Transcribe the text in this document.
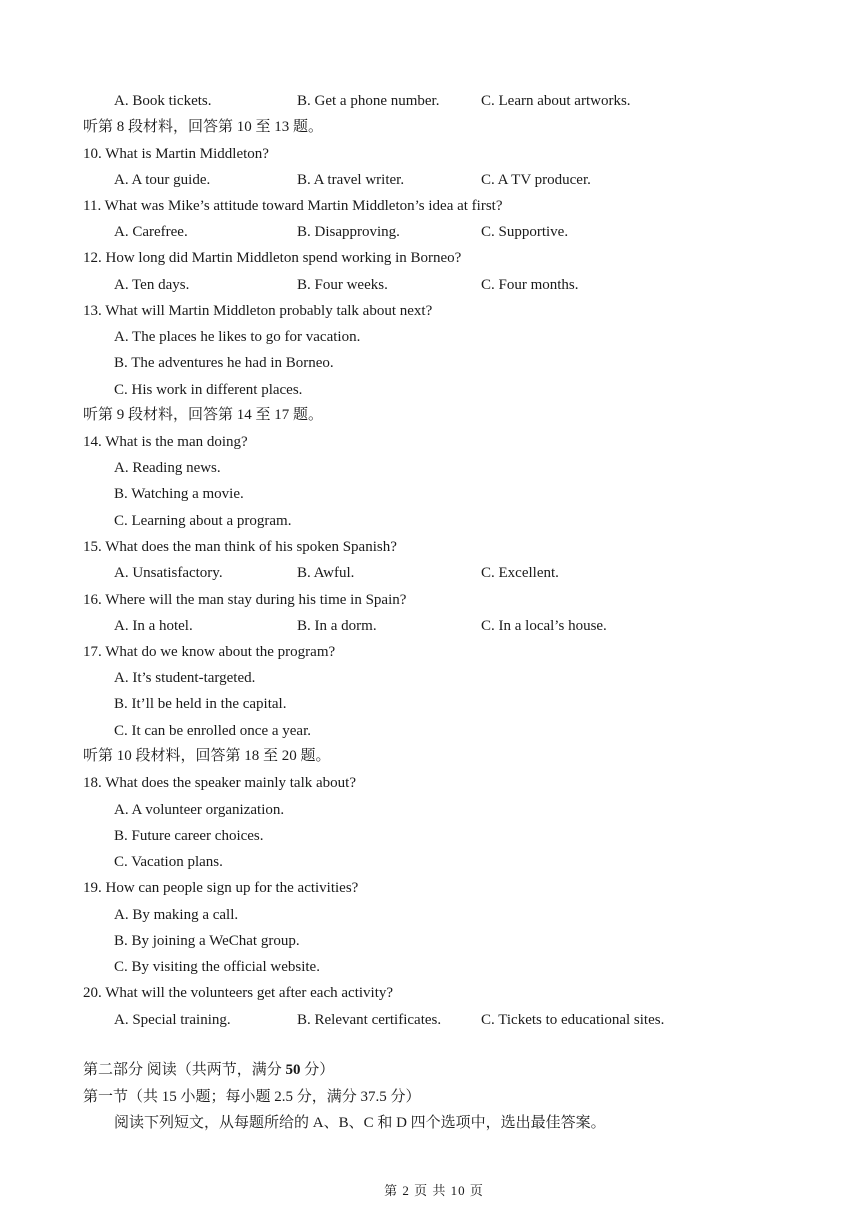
A. Book tickets.	B. Get a phone number.	C. Learn about artworks.
听第 8 段材料，回答第 10 至 13 题。
10. What is Martin Middleton?
A. A tour guide.	B. A travel writer.	C. A TV producer.
11. What was Mike’s attitude toward Martin Middleton’s idea at first?
A. Carefree.	B. Disapproving.	C. Supportive.
12. How long did Martin Middleton spend working in Borneo?
A. Ten days.	B. Four weeks.	C. Four months.
13. What will Martin Middleton probably talk about next?
A. The places he likes to go for vacation.
B. The adventures he had in Borneo.
C. His work in different places.
听第 9 段材料，回答第 14 至 17 题。
14. What is the man doing?
A. Reading news.
B. Watching a movie.
C. Learning about a program.
15. What does the man think of his spoken Spanish?
A. Unsatisfactory.	B. Awful.	C. Excellent.
16. Where will the man stay during his time in Spain?
A. In a hotel.	B. In a dorm.	C. In a local’s house.
17. What do we know about the program?
A. It’s student-targeted.
B. It’ll be held in the capital.
C. It can be enrolled once a year.
听第 10 段材料，回答第 18 至 20 题。
18. What does the speaker mainly talk about?
A. A volunteer organization.
B. Future career choices.
C. Vacation plans.
19. How can people sign up for the activities?
A. By making a call.
B. By joining a WeChat group.
C. By visiting the official website.
20. What will the volunteers get after each activity?
A. Special training.	B. Relevant certificates.	C. Tickets to educational sites.
第二部分 阅读（共两节，满分 50 分）
第一节（共 15 小题；每小题 2.5 分，满分 37.5 分）
阅读下列短文，从每题所给的 A、B、C 和 D 四个选项中，选出最佳答案。
第 2 页 共 10 页
